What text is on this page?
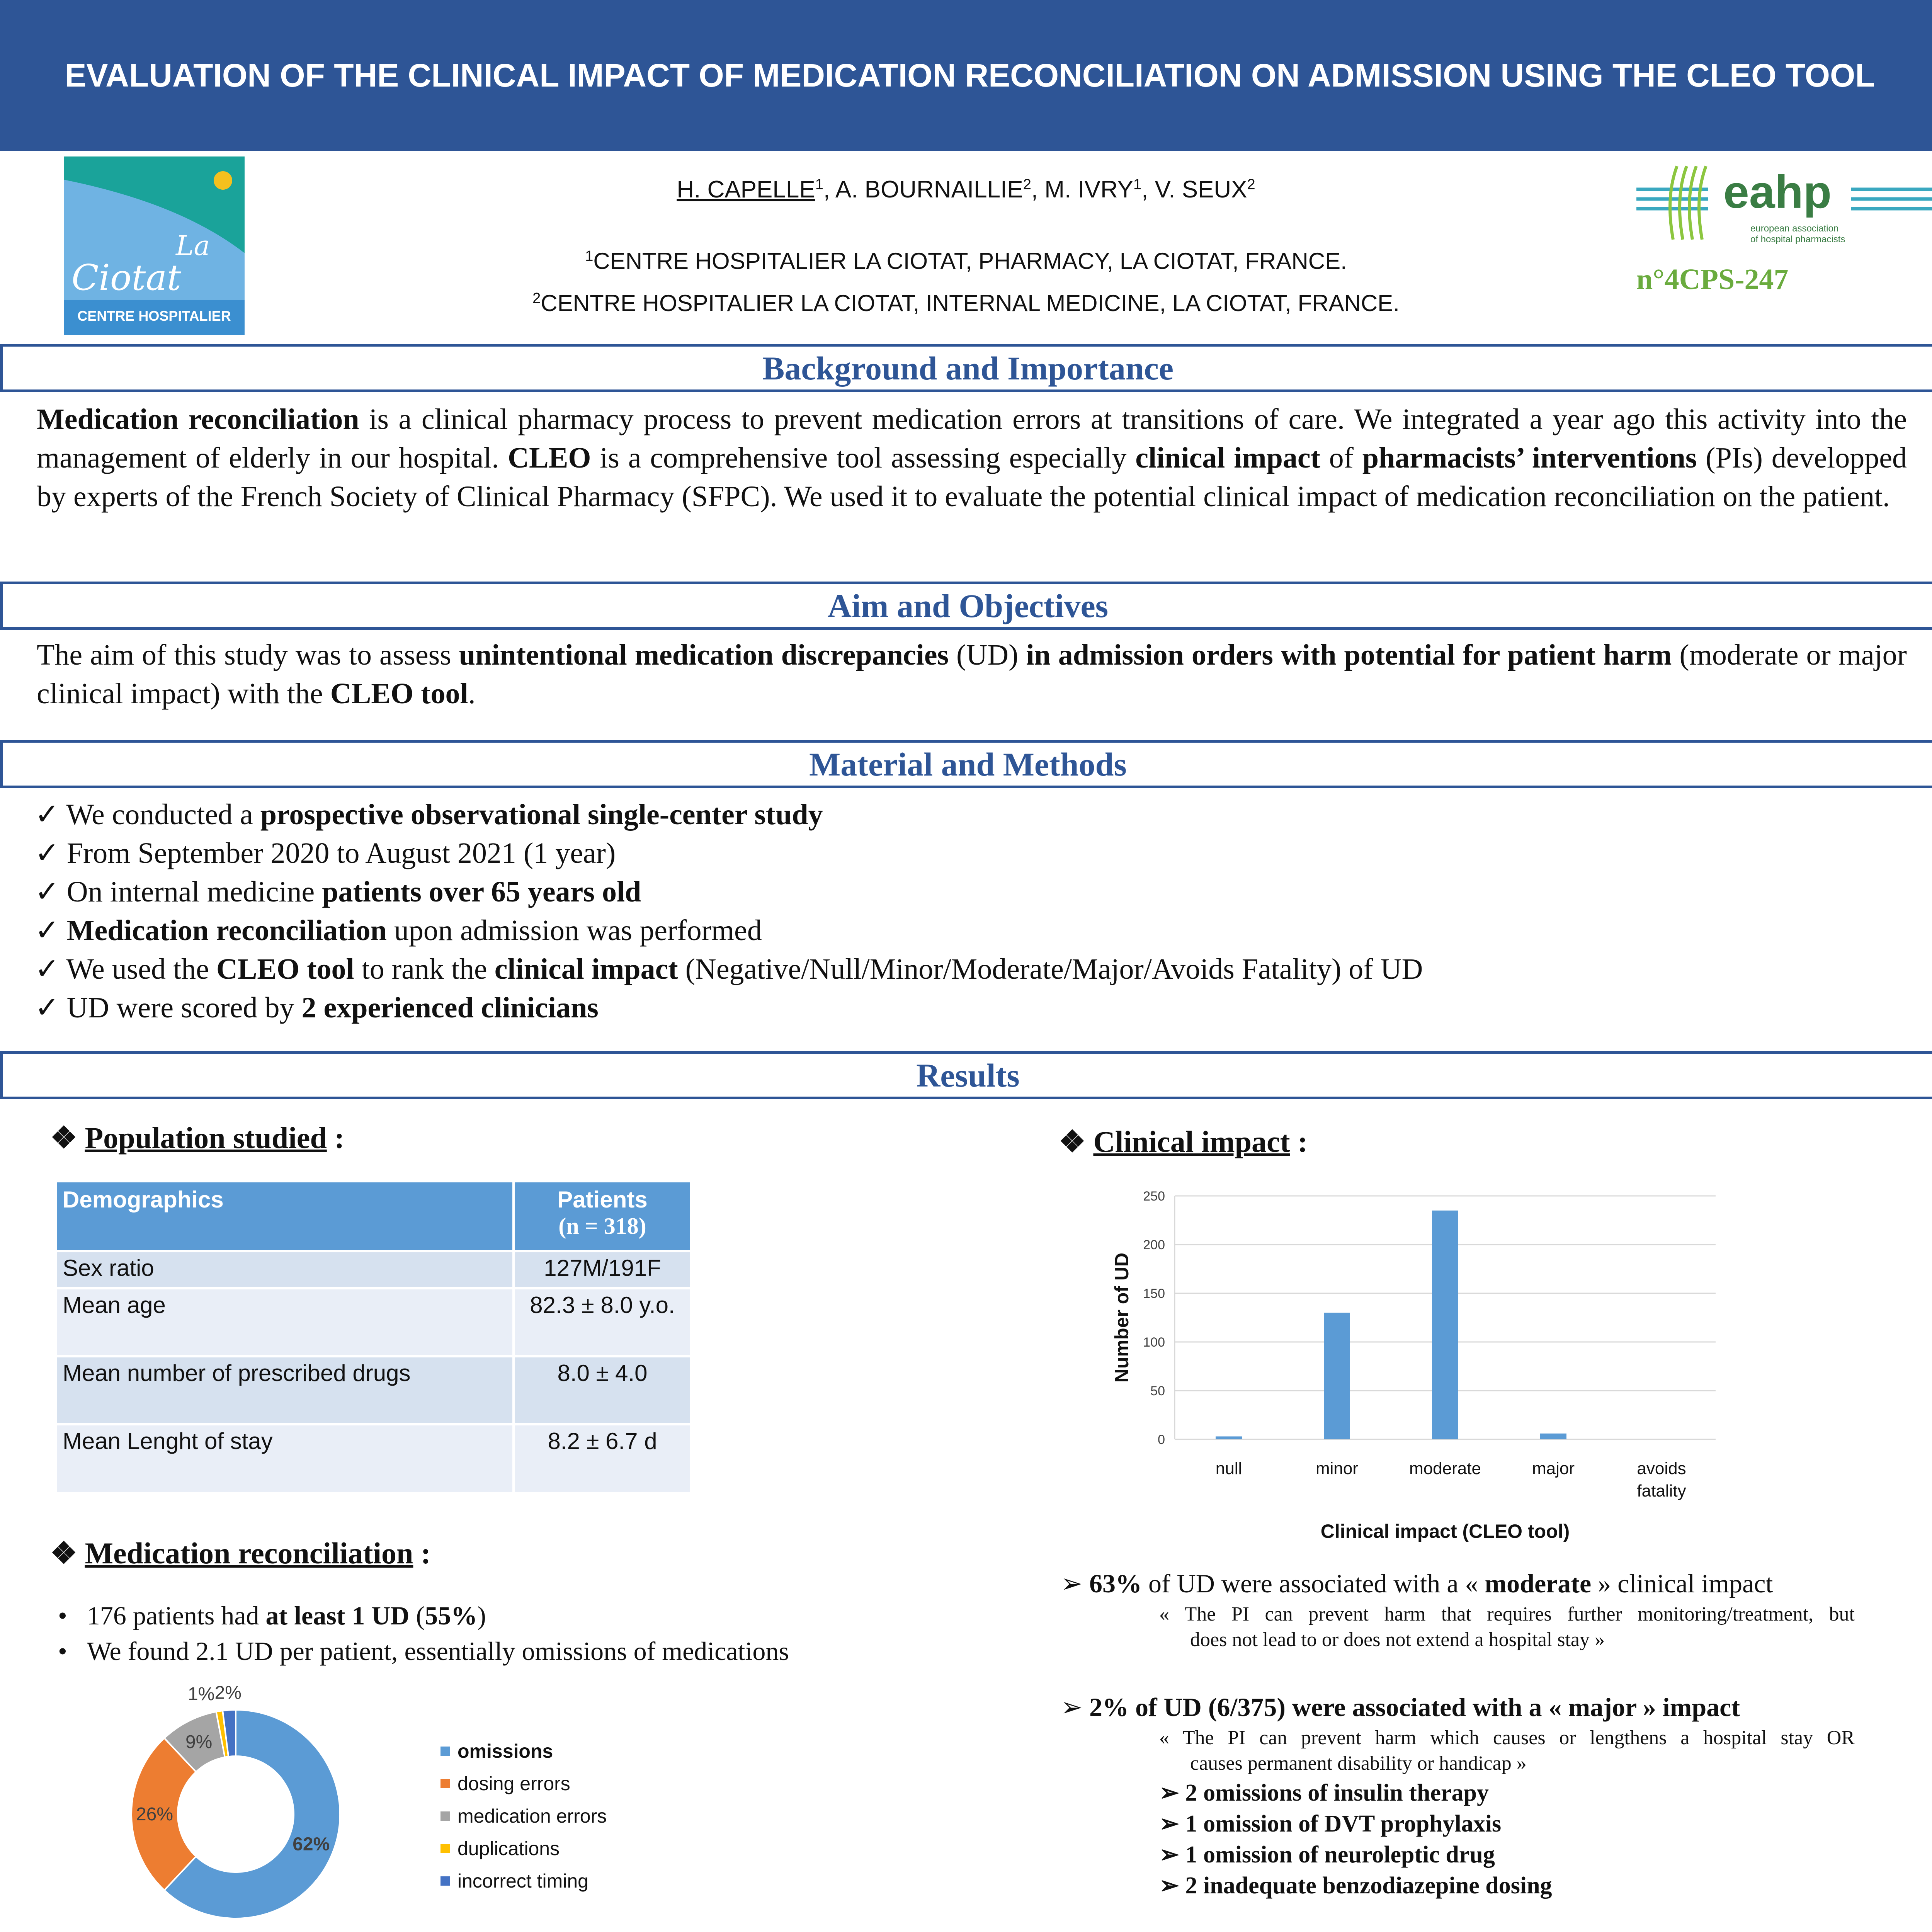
EVALUATION OF THE CLINICAL IMPACT OF MEDICATION RECONCILIATION ON ADMISSION USING THE CLEO TOOL
La
Ciotat
CENTRE HOSPITALIER
H. CAPELLE$^1$, A. BOURNAILLIE$^2$, M. IVRY$^1$, V. SEUX$^2$
$^1$CENTRE HOSPITALIER LA CIOTAT, PHARMACY, LA CIOTAT, FRANCE.
$^2$CENTRE HOSPITALIER LA CIOTAT, INTERNAL MEDICINE, LA CIOTAT, FRANCE.
eahp
european association
of hospital pharmacists
n°4CPS-247
Background and Importance
Medication reconciliation is a clinical pharmacy process to prevent medication errors at transitions of care. We integrated a year ago this activity into the management of elderly in our hospital. CLEO is a comprehensive tool assessing especially clinical impact of pharmacists’ interventions (PIs) developped by experts of the French Society of Clinical Pharmacy (SFPC). We used it to evaluate the potential clinical impact of medication reconciliation on the patient.
Aim and Objectives
The aim of this study was to assess unintentional medication discrepancies (UD) in admission orders with potential for patient harm (moderate or major clinical impact) with the CLEO tool.
Material and Methods
✓ We conducted a prospective observational single-center study
✓ From September 2020 to August 2021 (1 year)
✓ On internal medicine patients over 65 years old
✓ Medication reconciliation upon admission was performed
✓ We used the CLEO tool to rank the clinical impact (Negative/Null/Minor/Moderate/Major/Avoids Fatality) of UD
✓ UD were scored by 2 experienced clinicians
Results
❖ Population studied :
Demographics	Patients
(n = 318)

Sex ratio	127M/191F
Mean age	82.3 ± 8.0 y.o.
Mean number of prescribed drugs	8.0 ± 4.0
Mean Lenght of stay	8.2 ± 6.7 d
❖ Medication reconciliation :
•   176 patients had at least 1 UD (55%)
•   We found 2.1 UD per patient, essentially omissions of medications
62%
26%
9%
1% 2%
omissions
dosing errors
medication errors
duplications
incorrect timing
❖ Clinical impact :
0
50
100
150
200
250
null	minor	moderate	major	avoids
fatality
Clinical impact (CLEO tool)
Number of UD
➢ 63% of UD were associated with a « moderate » clinical impact
« The PI can prevent harm that requires further monitoring/treatment, but
does not lead to or does not extend a hospital stay »
➢ 2% of UD (6/375) were associated with a « major » impact
« The PI can prevent harm which causes or lengthens a hospital stay OR
causes permanent disability or handicap »
➢ 2 omissions of insulin therapy
➢ 1 omission of DVT prophylaxis
➢ 1 omission of neuroleptic drug
➢ 2 inadequate benzodiazepine dosing
